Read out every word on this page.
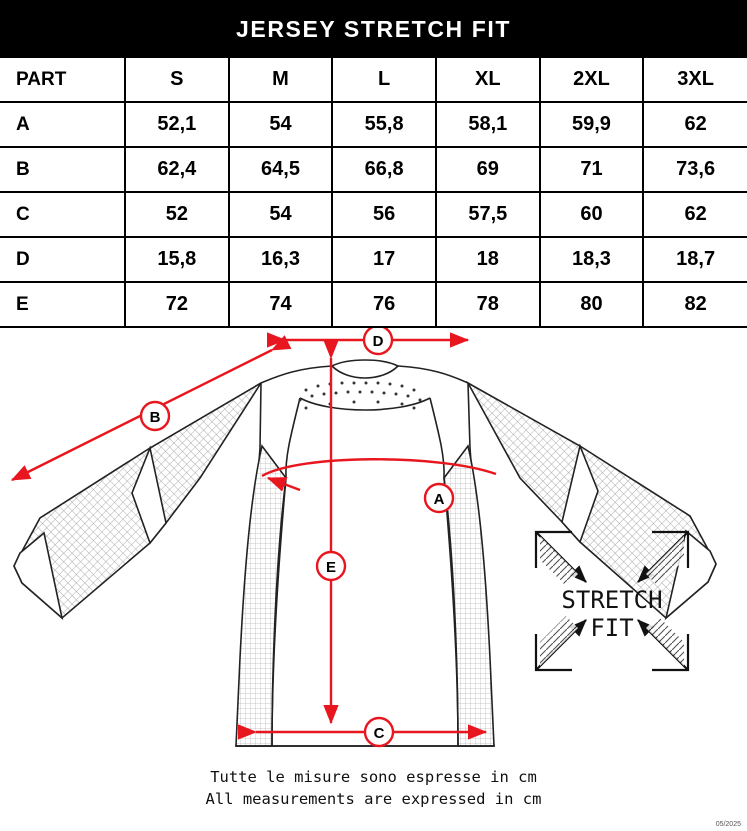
JERSEY STRETCH FIT
PART	S	M	L	XL	2XL	3XL
A	52,1	54	55,8	58,1	59,9	62
B	62,4	64,5	66,8	69	71	73,6
C	52	54	56	57,5	60	62
D	15,8	16,3	17	18	18,3	18,7
E	72	74	76	78	80	82
D
B
A
E
C
STRETCH
FIT
Tutte le misure sono espresse in cm
All measurements are expressed in cm
05/2025
